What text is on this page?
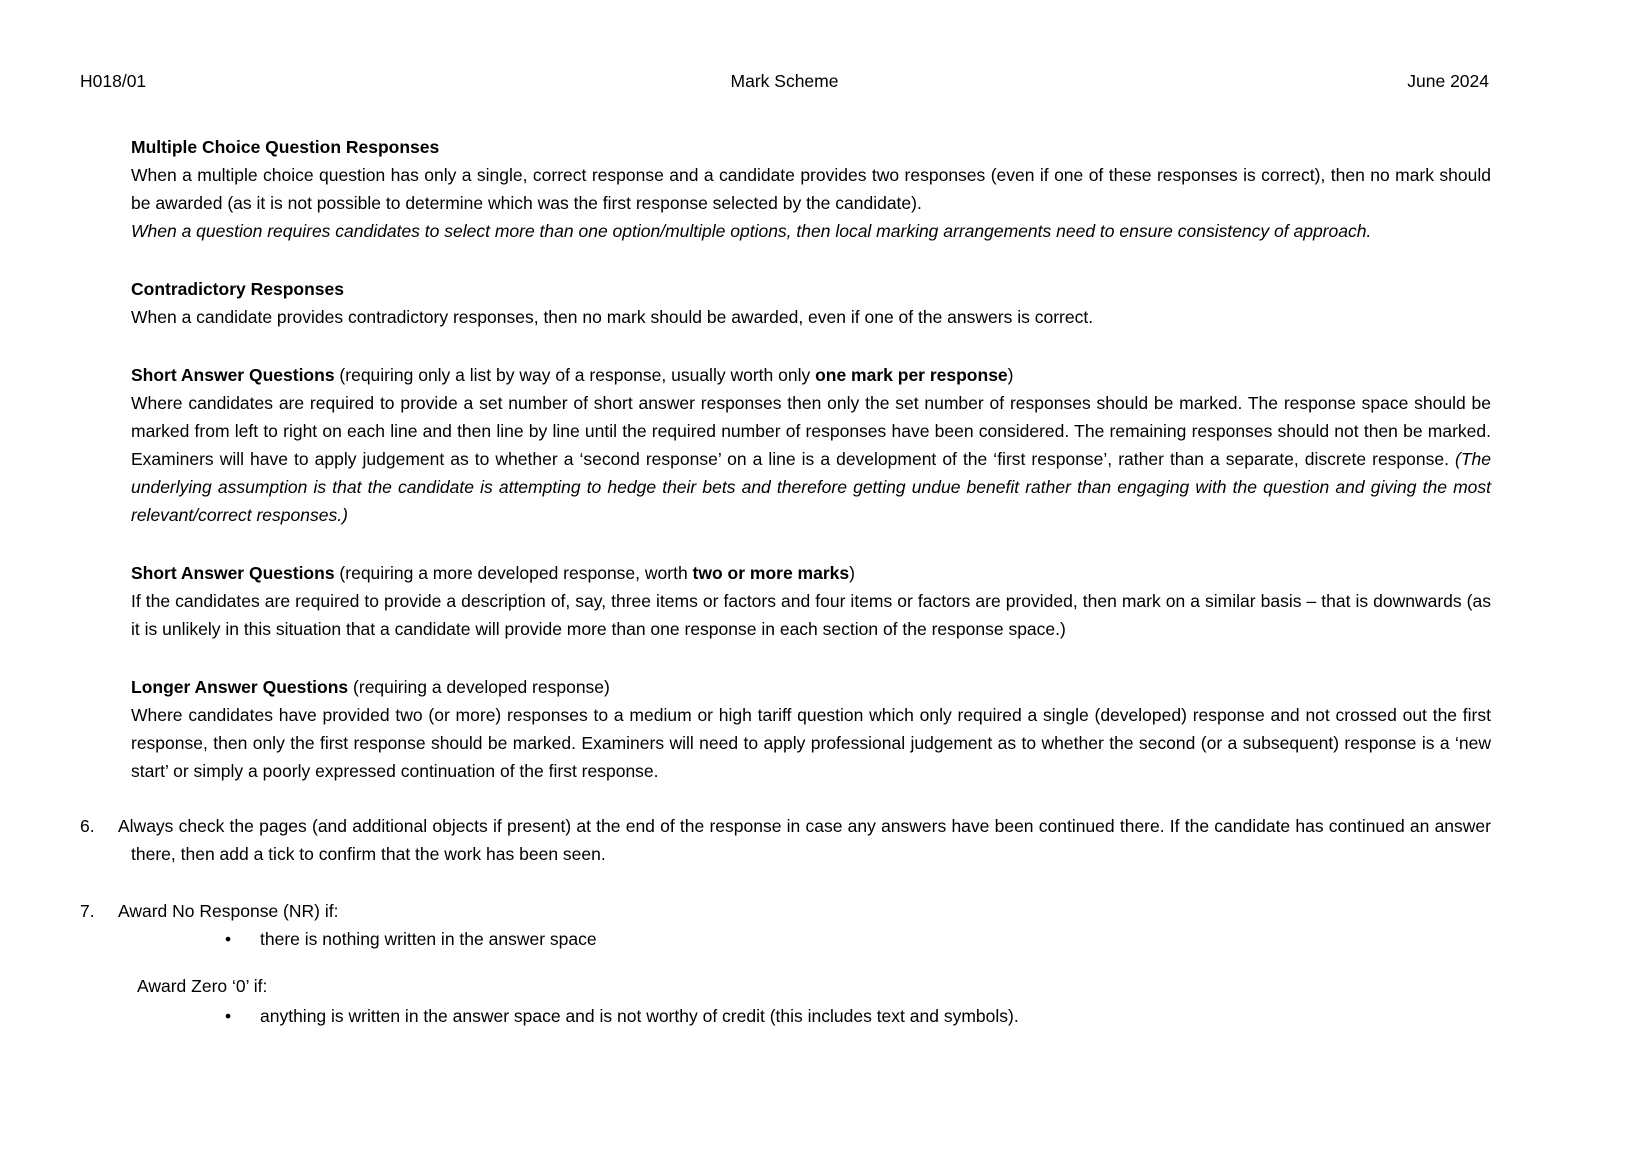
H018/01	Mark Scheme	June 2024

Multiple Choice Question Responses

When a multiple choice question has only a single, correct response and a candidate provides two responses (even if one of these responses is correct), then no mark should be awarded (as it is not possible to determine which was the first response selected by the candidate).

When a question requires candidates to select more than one option/multiple options, then local marking arrangements need to ensure consistency of approach.

Contradictory Responses

When a candidate provides contradictory responses, then no mark should be awarded, even if one of the answers is correct.

Short Answer Questions (requiring only a list by way of a response, usually worth only one mark per response)

Where candidates are required to provide a set number of short answer responses then only the set number of responses should be marked. The response space should be marked from left to right on each line and then line by line until the required number of responses have been considered. The remaining responses should not then be marked. Examiners will have to apply judgement as to whether a ‘second response’ on a line is a development of the ‘first response’, rather than a separate, discrete response. (The underlying assumption is that the candidate is attempting to hedge their bets and therefore getting undue benefit rather than engaging with the question and giving the most relevant/correct responses.)

Short Answer Questions (requiring a more developed response, worth two or more marks)

If the candidates are required to provide a description of, say, three items or factors and four items or factors are provided, then mark on a similar basis – that is downwards (as it is unlikely in this situation that a candidate will provide more than one response in each section of the response space.)

Longer Answer Questions (requiring a developed response)

Where candidates have provided two (or more) responses to a medium or high tariff question which only required a single (developed) response and not crossed out the first response, then only the first response should be marked. Examiners will need to apply professional judgement as to whether the second (or a subsequent) response is a ‘new start’ or simply a poorly expressed continuation of the first response.

6. Always check the pages (and additional objects if present) at the end of the response in case any answers have been continued there. If the candidate has continued an answer there, then add a tick to confirm that the work has been seen.

7. Award No Response (NR) if:

•	there is nothing written in the answer space

Award Zero ‘0’ if:

•	anything is written in the answer space and is not worthy of credit (this includes text and symbols).
